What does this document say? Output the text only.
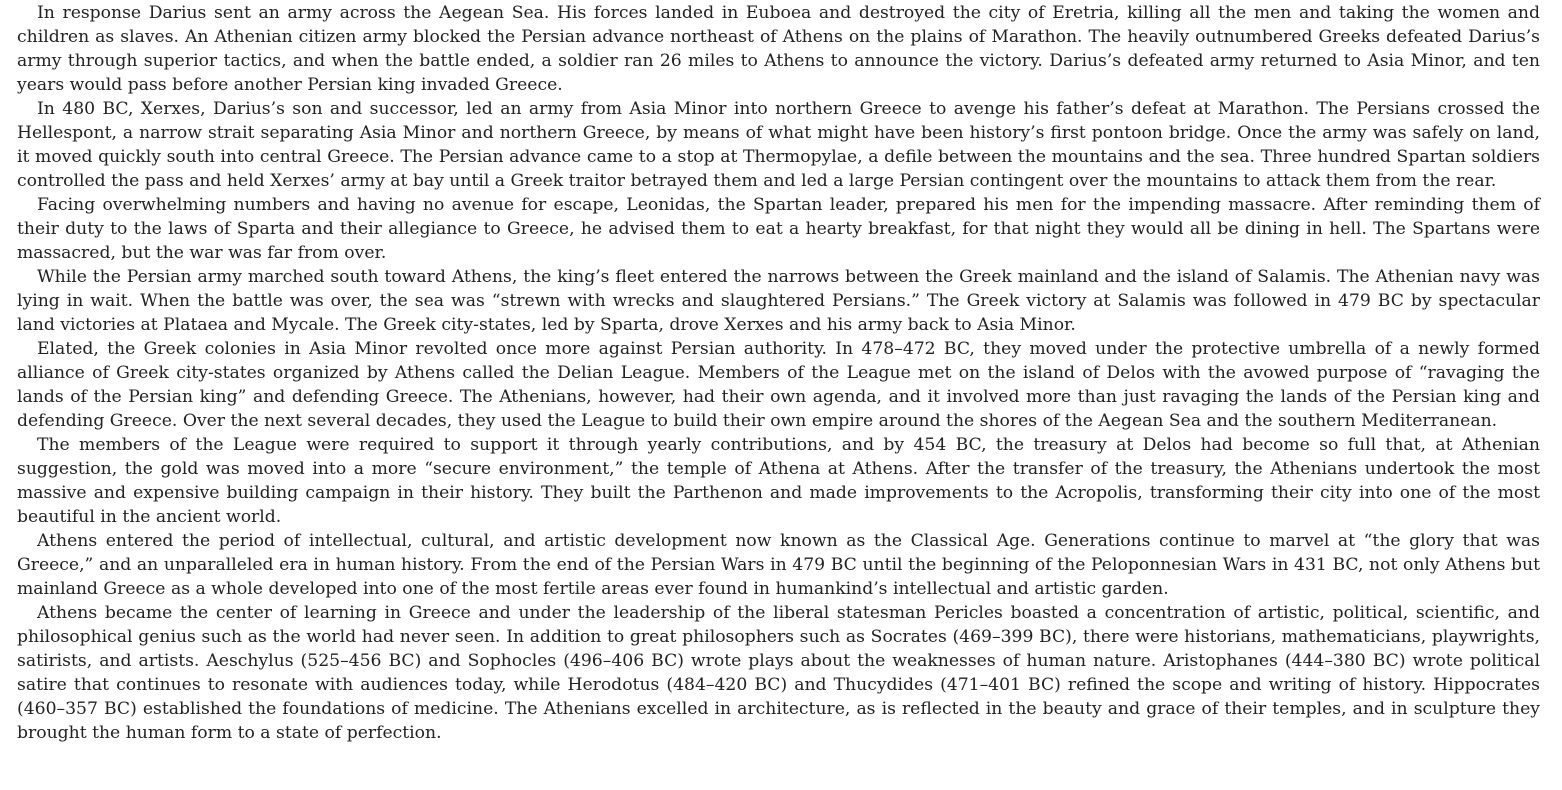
In response Darius sent an army across the Aegean Sea. His forces landed in Euboea and destroyed the city of Eretria, killing all the men and taking the women and children as slaves. An Athenian citizen army blocked the Persian advance northeast of Athens on the plains of Marathon. The heavily outnumbered Greeks defeated Darius’s army through superior tactics, and when the battle ended, a soldier ran 26 miles to Athens to announce the victory. Darius’s defeated army returned to Asia Minor, and ten years would pass before another Persian king invaded Greece.

In 480 BC, Xerxes, Darius’s son and successor, led an army from Asia Minor into northern Greece to avenge his father’s defeat at Marathon. The Persians crossed the Hellespont, a narrow strait separating Asia Minor and northern Greece, by means of what might have been history’s first pontoon bridge. Once the army was safely on land, it moved quickly south into central Greece. The Persian advance came to a stop at Thermopylae, a defile between the mountains and the sea. Three hundred Spartan soldiers controlled the pass and held Xerxes’ army at bay until a Greek traitor betrayed them and led a large Persian contingent over the mountains to attack them from the rear.

Facing overwhelming numbers and having no avenue for escape, Leonidas, the Spartan leader, prepared his men for the impending massacre. After reminding them of their duty to the laws of Sparta and their allegiance to Greece, he advised them to eat a hearty breakfast, for that night they would all be dining in hell. The Spartans were massacred, but the war was far from over.

While the Persian army marched south toward Athens, the king’s fleet entered the narrows between the Greek mainland and the island of Salamis. The Athenian navy was lying in wait. When the battle was over, the sea was “strewn with wrecks and slaughtered Persians.” The Greek victory at Salamis was followed in 479 BC by spectacular land victories at Plataea and Mycale. The Greek city-states, led by Sparta, drove Xerxes and his army back to Asia Minor.

Elated, the Greek colonies in Asia Minor revolted once more against Persian authority. In 478–472 BC, they moved under the protective umbrella of a newly formed alliance of Greek city-states organized by Athens called the Delian League. Members of the League met on the island of Delos with the avowed purpose of “ravaging the lands of the Persian king” and defending Greece. The Athenians, however, had their own agenda, and it involved more than just ravaging the lands of the Persian king and defending Greece. Over the next several decades, they used the League to build their own empire around the shores of the Aegean Sea and the southern Mediterranean.

The members of the League were required to support it through yearly contributions, and by 454 BC, the treasury at Delos had become so full that, at Athenian suggestion, the gold was moved into a more “secure environment,” the temple of Athena at Athens. After the transfer of the treasury, the Athenians undertook the most massive and expensive building campaign in their history. They built the Parthenon and made improvements to the Acropolis, transforming their city into one of the most beautiful in the ancient world.

Athens entered the period of intellectual, cultural, and artistic development now known as the Classical Age. Generations continue to marvel at “the glory that was Greece,” and an unparalleled era in human history. From the end of the Persian Wars in 479 BC until the beginning of the Peloponnesian Wars in 431 BC, not only Athens but mainland Greece as a whole developed into one of the most fertile areas ever found in humankind’s intellectual and artistic garden.

Athens became the center of learning in Greece and under the leadership of the liberal statesman Pericles boasted a concentration of artistic, political, scientific, and philosophical genius such as the world had never seen. In addition to great philosophers such as Socrates (469–399 BC), there were historians, mathematicians, playwrights, satirists, and artists. Aeschylus (525–456 BC) and Sophocles (496–406 BC) wrote plays about the weaknesses of human nature. Aristophanes (444–380 BC) wrote political satire that continues to resonate with audiences today, while Herodotus (484–420 BC) and Thucydides (471–401 BC) refined the scope and writing of history. Hippocrates (460–357 BC) established the foundations of medicine. The Athenians excelled in architecture, as is reflected in the beauty and grace of their temples, and in sculpture they brought the human form to a state of perfection.
